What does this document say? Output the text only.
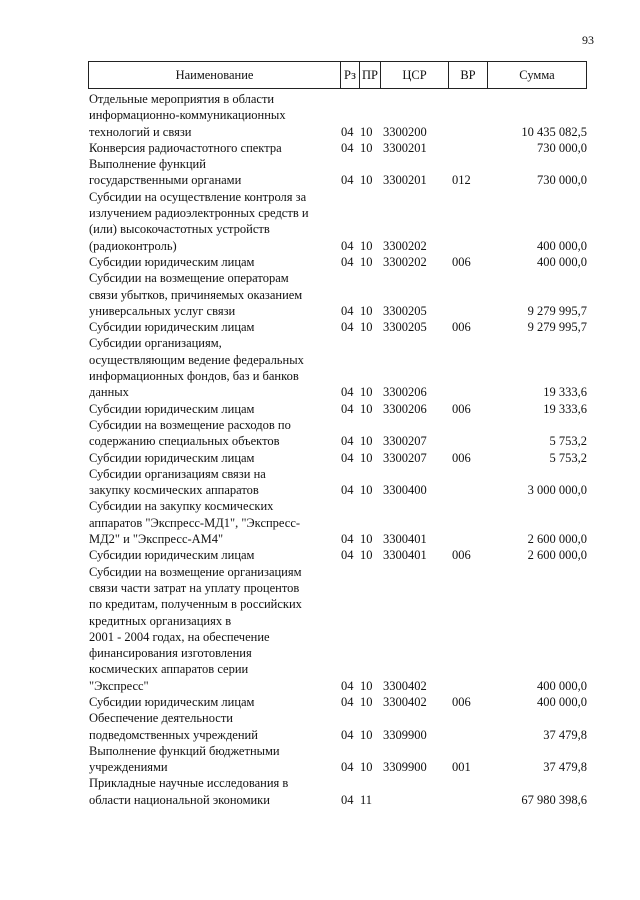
93
Наименование	Рз ПР	ЦСР	ВР	Сумма
Отдельные мероприятия в области
информационно-коммуникационных
технологий и связи	04 10 3300200	10 435 082,5
Конверсия радиочастотного спектра	04 10 3300201	730 000,0
Выполнение функций
государственными органами	04 10 3300201 012	730 000,0
Субсидии на осуществление контроля за
излучением радиоэлектронных средств и
(или) высокочастотных устройств
(радиоконтроль)	04 10 3300202	400 000,0
Субсидии юридическим лицам	04 10 3300202 006	400 000,0
Субсидии на возмещение операторам
связи убытков, причиняемых оказанием
универсальных услуг связи	04 10 3300205	9 279 995,7
Субсидии юридическим лицам	04 10 3300205 006	9 279 995,7
Субсидии организациям,
осуществляющим ведение федеральных
информационных фондов, баз и банков
данных	04 10 3300206	19 333,6
Субсидии юридическим лицам	04 10 3300206 006	19 333,6
Субсидии на возмещение расходов по
содержанию специальных объектов	04 10 3300207	5 753,2
Субсидии юридическим лицам	04 10 3300207 006	5 753,2
Субсидии организациям связи на
закупку космических аппаратов	04 10 3300400	3 000 000,0
Субсидии на закупку космических
аппаратов "Экспресс-МД1", "Экспресс-
МД2" и "Экспресс-АМ4"	04 10 3300401	2 600 000,0
Субсидии юридическим лицам	04 10 3300401 006	2 600 000,0
Субсидии на возмещение организациям
связи части затрат на уплату процентов
по кредитам, полученным в российских
кредитных организациях в
2001 - 2004 годах, на обеспечение
финансирования изготовления
космических аппаратов серии
"Экспресс"	04 10 3300402	400 000,0
Субсидии юридическим лицам	04 10 3300402 006	400 000,0
Обеспечение деятельности
подведомственных учреждений	04 10 3309900	37 479,8
Выполнение функций бюджетными
учреждениями	04 10 3309900 001	37 479,8
Прикладные научные исследования в
области национальной экономики	04 11	67 980 398,6
